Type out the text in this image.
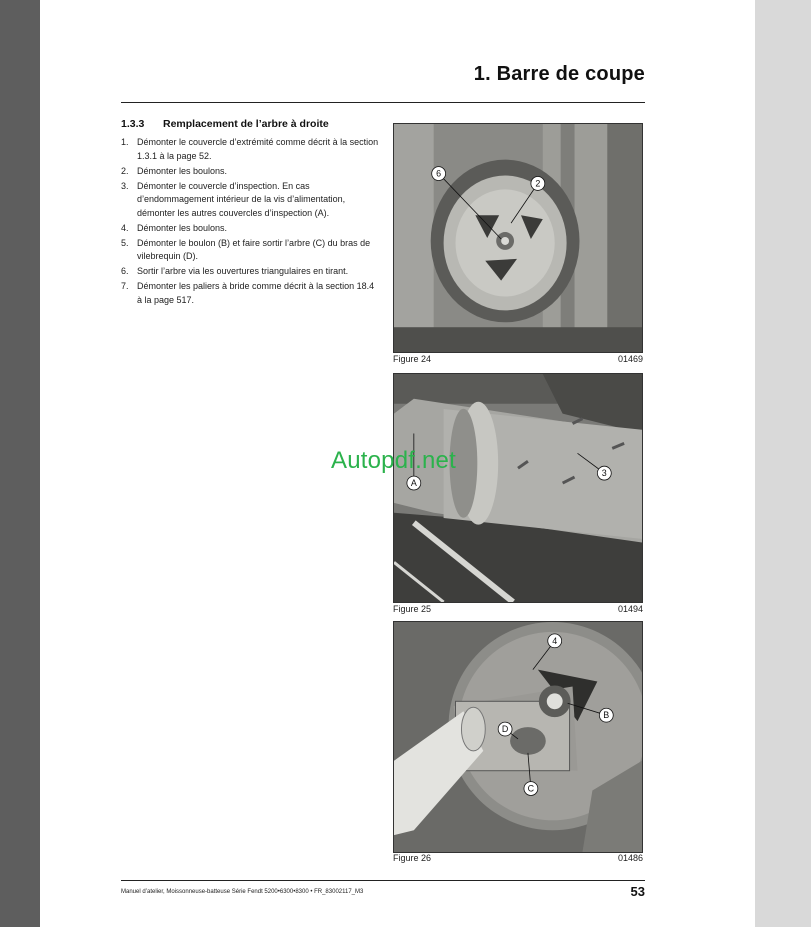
1. Barre de coupe
1.3.3 Remplacement de l’arbre à droite
1. Démonter le couvercle d’extrémité comme décrit à la section 1.3.1 à la page 52.
2. Démonter les boulons.
3. Démonter le couvercle d’inspection. En cas d’endommagement intérieur de la vis d’alimentation, démonter les autres couvercles d’inspection (A).
4. Démonter les boulons.
5. Démonter le boulon (B) et faire sortir l’arbre (C) du bras de vilebrequin (D).
6. Sortir l’arbre via les ouvertures triangulaires en tirant.
7. Démonter les paliers à bride comme décrit à la section 18.4 à la page 517.
6
2
Figure 24	01469
A
3
Figure 25	01494
4
B
D
C
Figure 26	01486
Autopdf.net
Manuel d’atelier, Moissonneuse-batteuse Série Fendt 5200•6300•8300 • FR_83002117_M3	53
